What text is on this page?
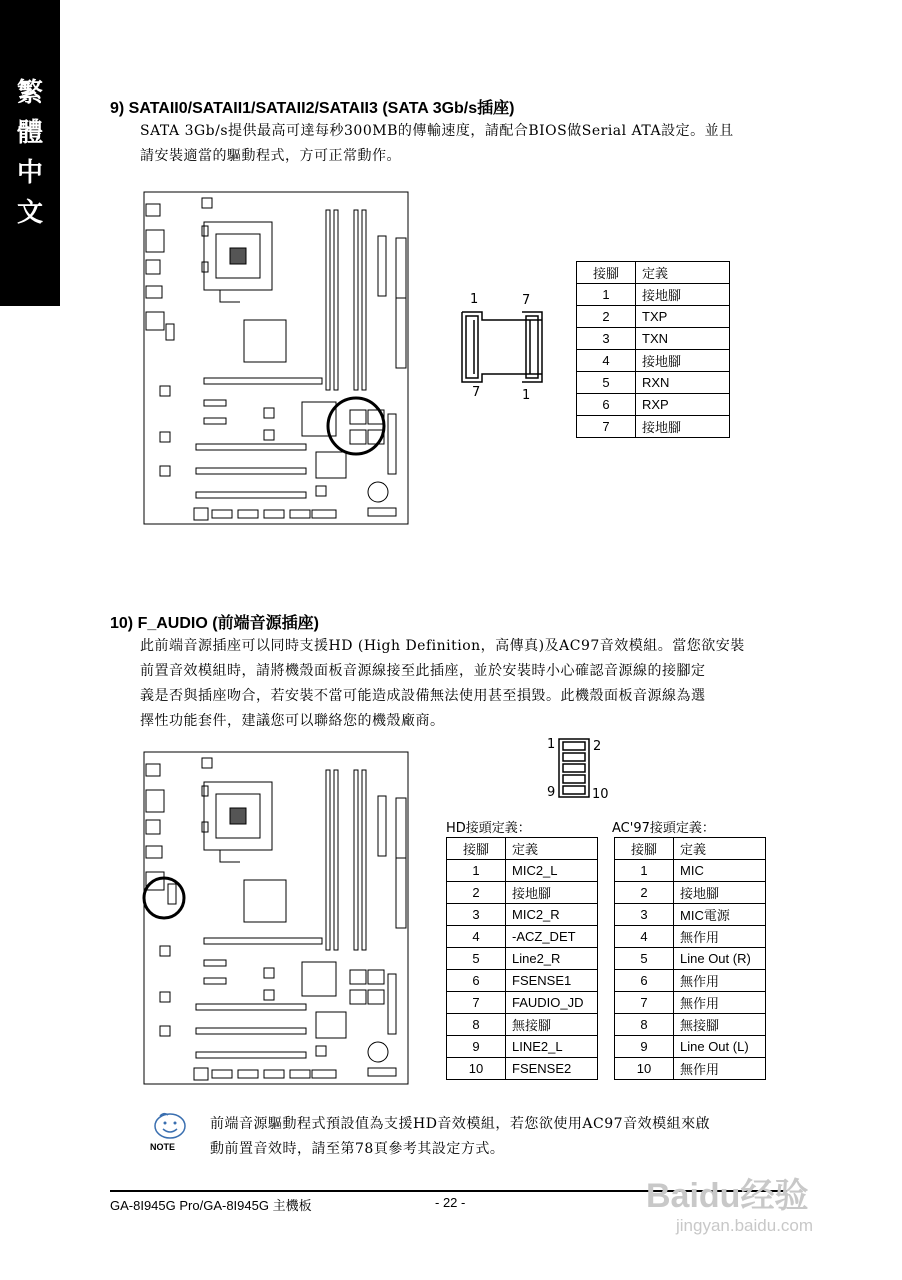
繁
體
中
文
9) SATAII0/SATAII1/SATAII2/SATAII3 (SATA 3Gb/s插座)
SATA 3Gb/s提供最高可達每秒300MB的傳輸速度，請配合BIOS做Serial ATA設定。並且
請安裝適當的驅動程式，方可正常動作。
1	7
7	1
接腳	定義
1	接地腳
2	TXP
3	TXN
4	接地腳
5	RXN
6	RXP
7	接地腳
10) F_AUDIO (前端音源插座)
此前端音源插座可以同時支援HD (High Definition，高傳真)及AC97音效模組。當您欲安裝
前置音效模組時，請將機殼面板音源線接至此插座，並於安裝時小心確認音源線的接腳定
義是否與插座吻合，若安裝不當可能造成設備無法使用甚至損毀。此機殼面板音源線為選
擇性功能套件，建議您可以聯絡您的機殼廠商。
1	2
9	10
HD接頭定義：	AC'97接頭定義：
接腳	定義
1	MIC2_L
2	接地腳
3	MIC2_R
4	-ACZ_DET
5	Line2_R
6	FSENSE1
7	FAUDIO_JD
8	無接腳
9	LINE2_L
10	FSENSE2
接腳	定義
1	MIC
2	接地腳
3	MIC電源
4	無作用
5	Line Out (R)
6	無作用
7	無作用
8	無接腳
9	Line Out (L)
10	無作用
NOTE
前端音源驅動程式預設值為支援HD音效模組，若您欲使用AC97音效模組來啟
動前置音效時，請至第78頁參考其設定方式。
GA-8I945G Pro/GA-8I945G 主機板	- 22 -	Baidu经验
jingyan.baidu.com
